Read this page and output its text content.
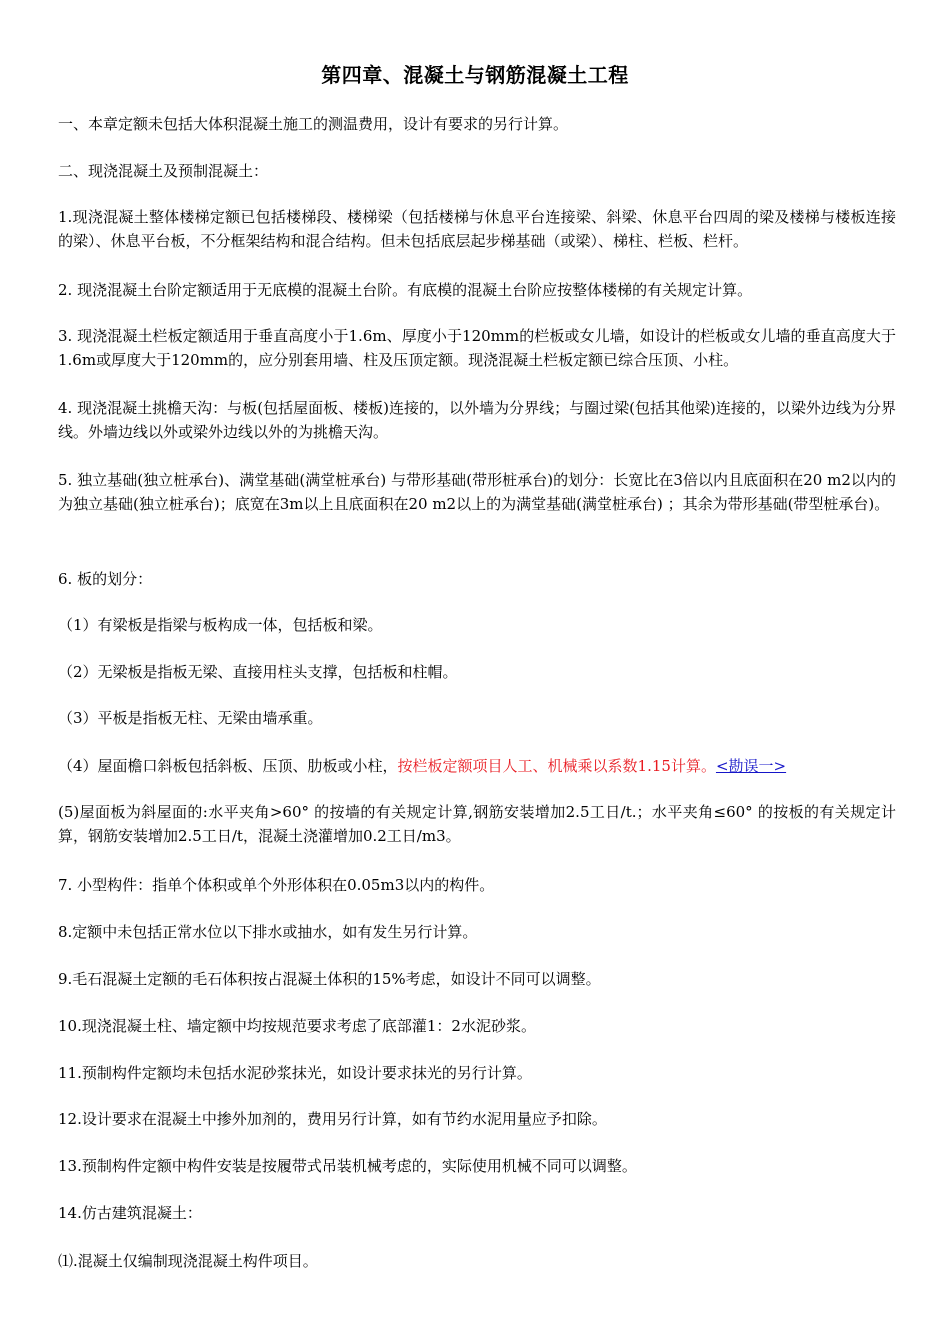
第四章、混凝土与钢筋混凝土工程

一、本章定额未包括大体积混凝土施工的测温费用，设计有要求的另行计算。

二、现浇混凝土及预制混凝土：

1.现浇混凝土整体楼梯定额已包括楼梯段、楼梯梁（包括楼梯与休息平台连接梁、斜梁、休息平台四周的梁及楼梯与楼板连接的梁）、休息平台板，不分框架结构和混合结构。但未包括底层起步梯基础（或梁）、梯柱、栏板、栏杆。

2. 现浇混凝土台阶定额适用于无底模的混凝土台阶。有底模的混凝土台阶应按整体楼梯的有关规定计算。

3. 现浇混凝土栏板定额适用于垂直高度小于1.6m、厚度小于120mm的栏板或女儿墙，如设计的栏板或女儿墙的垂直高度大于1.6m或厚度大于120mm的，应分别套用墙、柱及压顶定额。现浇混凝土栏板定额已综合压顶、小柱。

4. 现浇混凝土挑檐天沟：与板(包括屋面板、楼板)连接的，以外墙为分界线；与圈过梁(包括其他梁)连接的，以梁外边线为分界线。外墙边线以外或梁外边线以外的为挑檐天沟。

5. 独立基础(独立桩承台)、满堂基础(满堂桩承台) 与带形基础(带形桩承台)的划分：长宽比在3倍以内且底面积在20 m2以内的为独立基础(独立桩承台)；底宽在3m以上且底面积在20 m2以上的为满堂基础(满堂桩承台) ；其余为带形基础(带型桩承台)。

6. 板的划分：

（1）有梁板是指梁与板构成一体，包括板和梁。

（2）无梁板是指板无梁、直接用柱头支撑，包括板和柱帽。

（3）平板是指板无柱、无梁由墙承重。

（4）屋面檐口斜板包括斜板、压顶、肋板或小柱，按栏板定额项目人工、机械乘以系数1.15计算。<勘误一>

(5)屋面板为斜屋面的:水平夹角>60° 的按墙的有关规定计算,钢筋安装增加2.5工日/t.；水平夹角≤60° 的按板的有关规定计算，钢筋安装增加2.5工日/t，混凝土浇灌增加0.2工日/m3。

7. 小型构件：指单个体积或单个外形体积在0.05m3以内的构件。

8.定额中未包括正常水位以下排水或抽水，如有发生另行计算。

9.毛石混凝土定额的毛石体积按占混凝土体积的15%考虑，如设计不同可以调整。

10.现浇混凝土柱、墙定额中均按规范要求考虑了底部灌1：2水泥砂浆。

11.预制构件定额均未包括水泥砂浆抹光，如设计要求抹光的另行计算。

12.设计要求在混凝土中掺外加剂的，费用另行计算，如有节约水泥用量应予扣除。

13.预制构件定额中构件安装是按履带式吊装机械考虑的，实际使用机械不同可以调整。

14.仿古建筑混凝土：

⑴.混凝土仅编制现浇混凝土构件项目。
